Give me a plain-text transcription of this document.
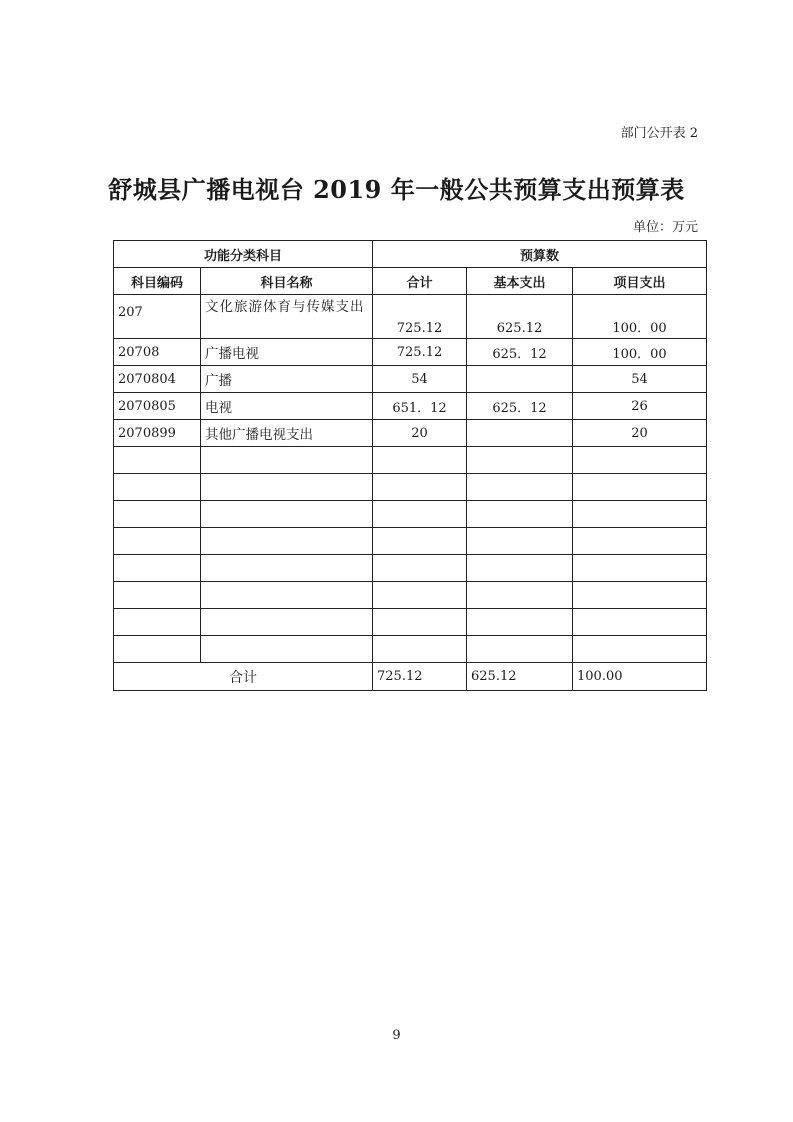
部门公开表 2
舒城县广播电视台 2019 年一般公共预算支出预算表
单位：万元
功能分类科目		预算数		
科目编码	科目名称	合计	基本支出	项目支出
207	文化旅游体育与传媒支出	725.12	625.12	100．00
20708	广播电视	725.12	625．12	100．00
2070804	广播	54		54
2070805	电视	651．12	625．12	26
2070899	其他广播电视支出	20		20

合计		725.12	625.12	100.00
9
